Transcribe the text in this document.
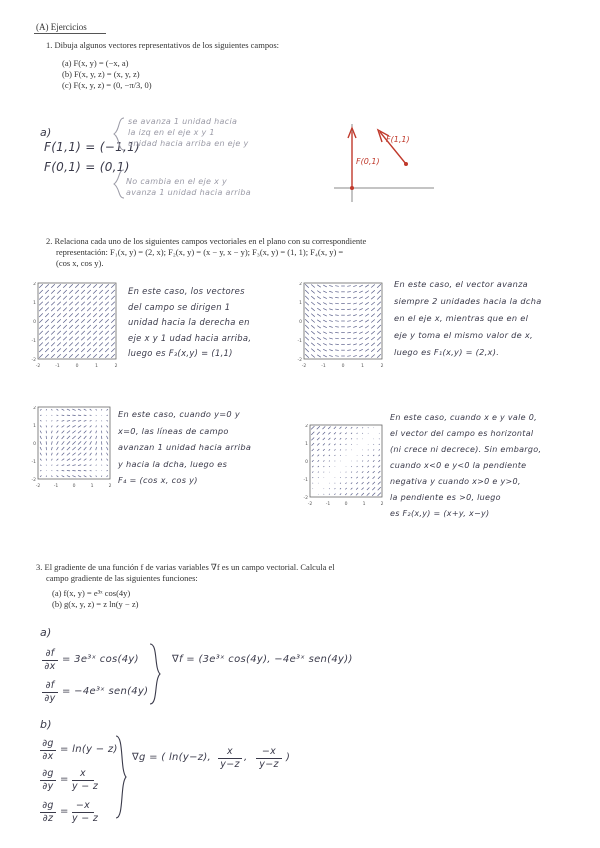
(A) Ejercicios
1. Dibuja algunos vectores representativos de los siguientes campos:
(a) F(x, y) = (−x, a)
(b) F(x, y, z) = (x, y, z)
(c) F(x, y, z) = (0, −π/3, 0)
a)
F(1,1) = (−1,1)
F(0,1) = (0,1)
se avanza 1 unidad hacia
la izq en el eje x y 1
unidad hacia arriba en eje y
No cambia en el eje x y
avanza 1 unidad hacia arriba
F(1,1)
F(0,1)
2. Relaciona cada uno de los siguientes campos vectoriales en el plano con su correspondiente
representación: F₁(x, y) = (2, x); F₂(x, y) = (x − y, x − y); F₃(x, y) = (1, 1); F₄(x, y) =
(cos x, cos y).
-2
-2
-1
-1
0
0
1
1
2
2
-2
-2
-1
-1
0
0
1
1
2
2
-2
-2
-1
-1
0
0
1
1
2
2
-2
-2
-1
-1
0
0
1
1
2
2
En este caso, los vectores
del campo se dirigen 1
unidad hacia la derecha en
eje x y 1 udad hacia arriba,
luego es F₃(x,y) = (1,1)
En este caso, el vector avanza
siempre 2 unidades hacia la dcha
en el eje x, mientras que en el
eje y toma el mismo valor de x,
luego es F₁(x,y) = (2,x).
En este caso, cuando y=0 y
x=0, las líneas de campo
avanzan 1 unidad hacia arriba
y hacia la dcha, luego es
F₄ = (cos x, cos y)
En este caso, cuando x e y vale 0,
el vector del campo es horizontal
(ni crece ni decrece). Sin embargo,
cuando x<0 e y<0 la pendiente
negativa y cuando x>0 e y>0,
la pendiente es >0, luego
es F₂(x,y) = (x+y, x−y)
3. El gradiente de una función f de varias variables ∇f es un campo vectorial. Calcula el
campo gradiente de las siguientes funciones:
(a) f(x, y) = e³ˣ cos(4y)
(b) g(x, y, z) = z ln(y − z)
a)
∂f
∂x
= 3e³ˣ cos(4y)
∂f
∂y
= −4e³ˣ sen(4y)
∇f = (3e³ˣ cos(4y), −4e³ˣ sen(4y))
b)
∂g
∂x
= ln(y − z)
∂g
∂y
=
x
y − z
∂g
∂z
=
−x
y − z
∇g = ( ln(y−z),
x
y−z
,
−x
y−z
)
